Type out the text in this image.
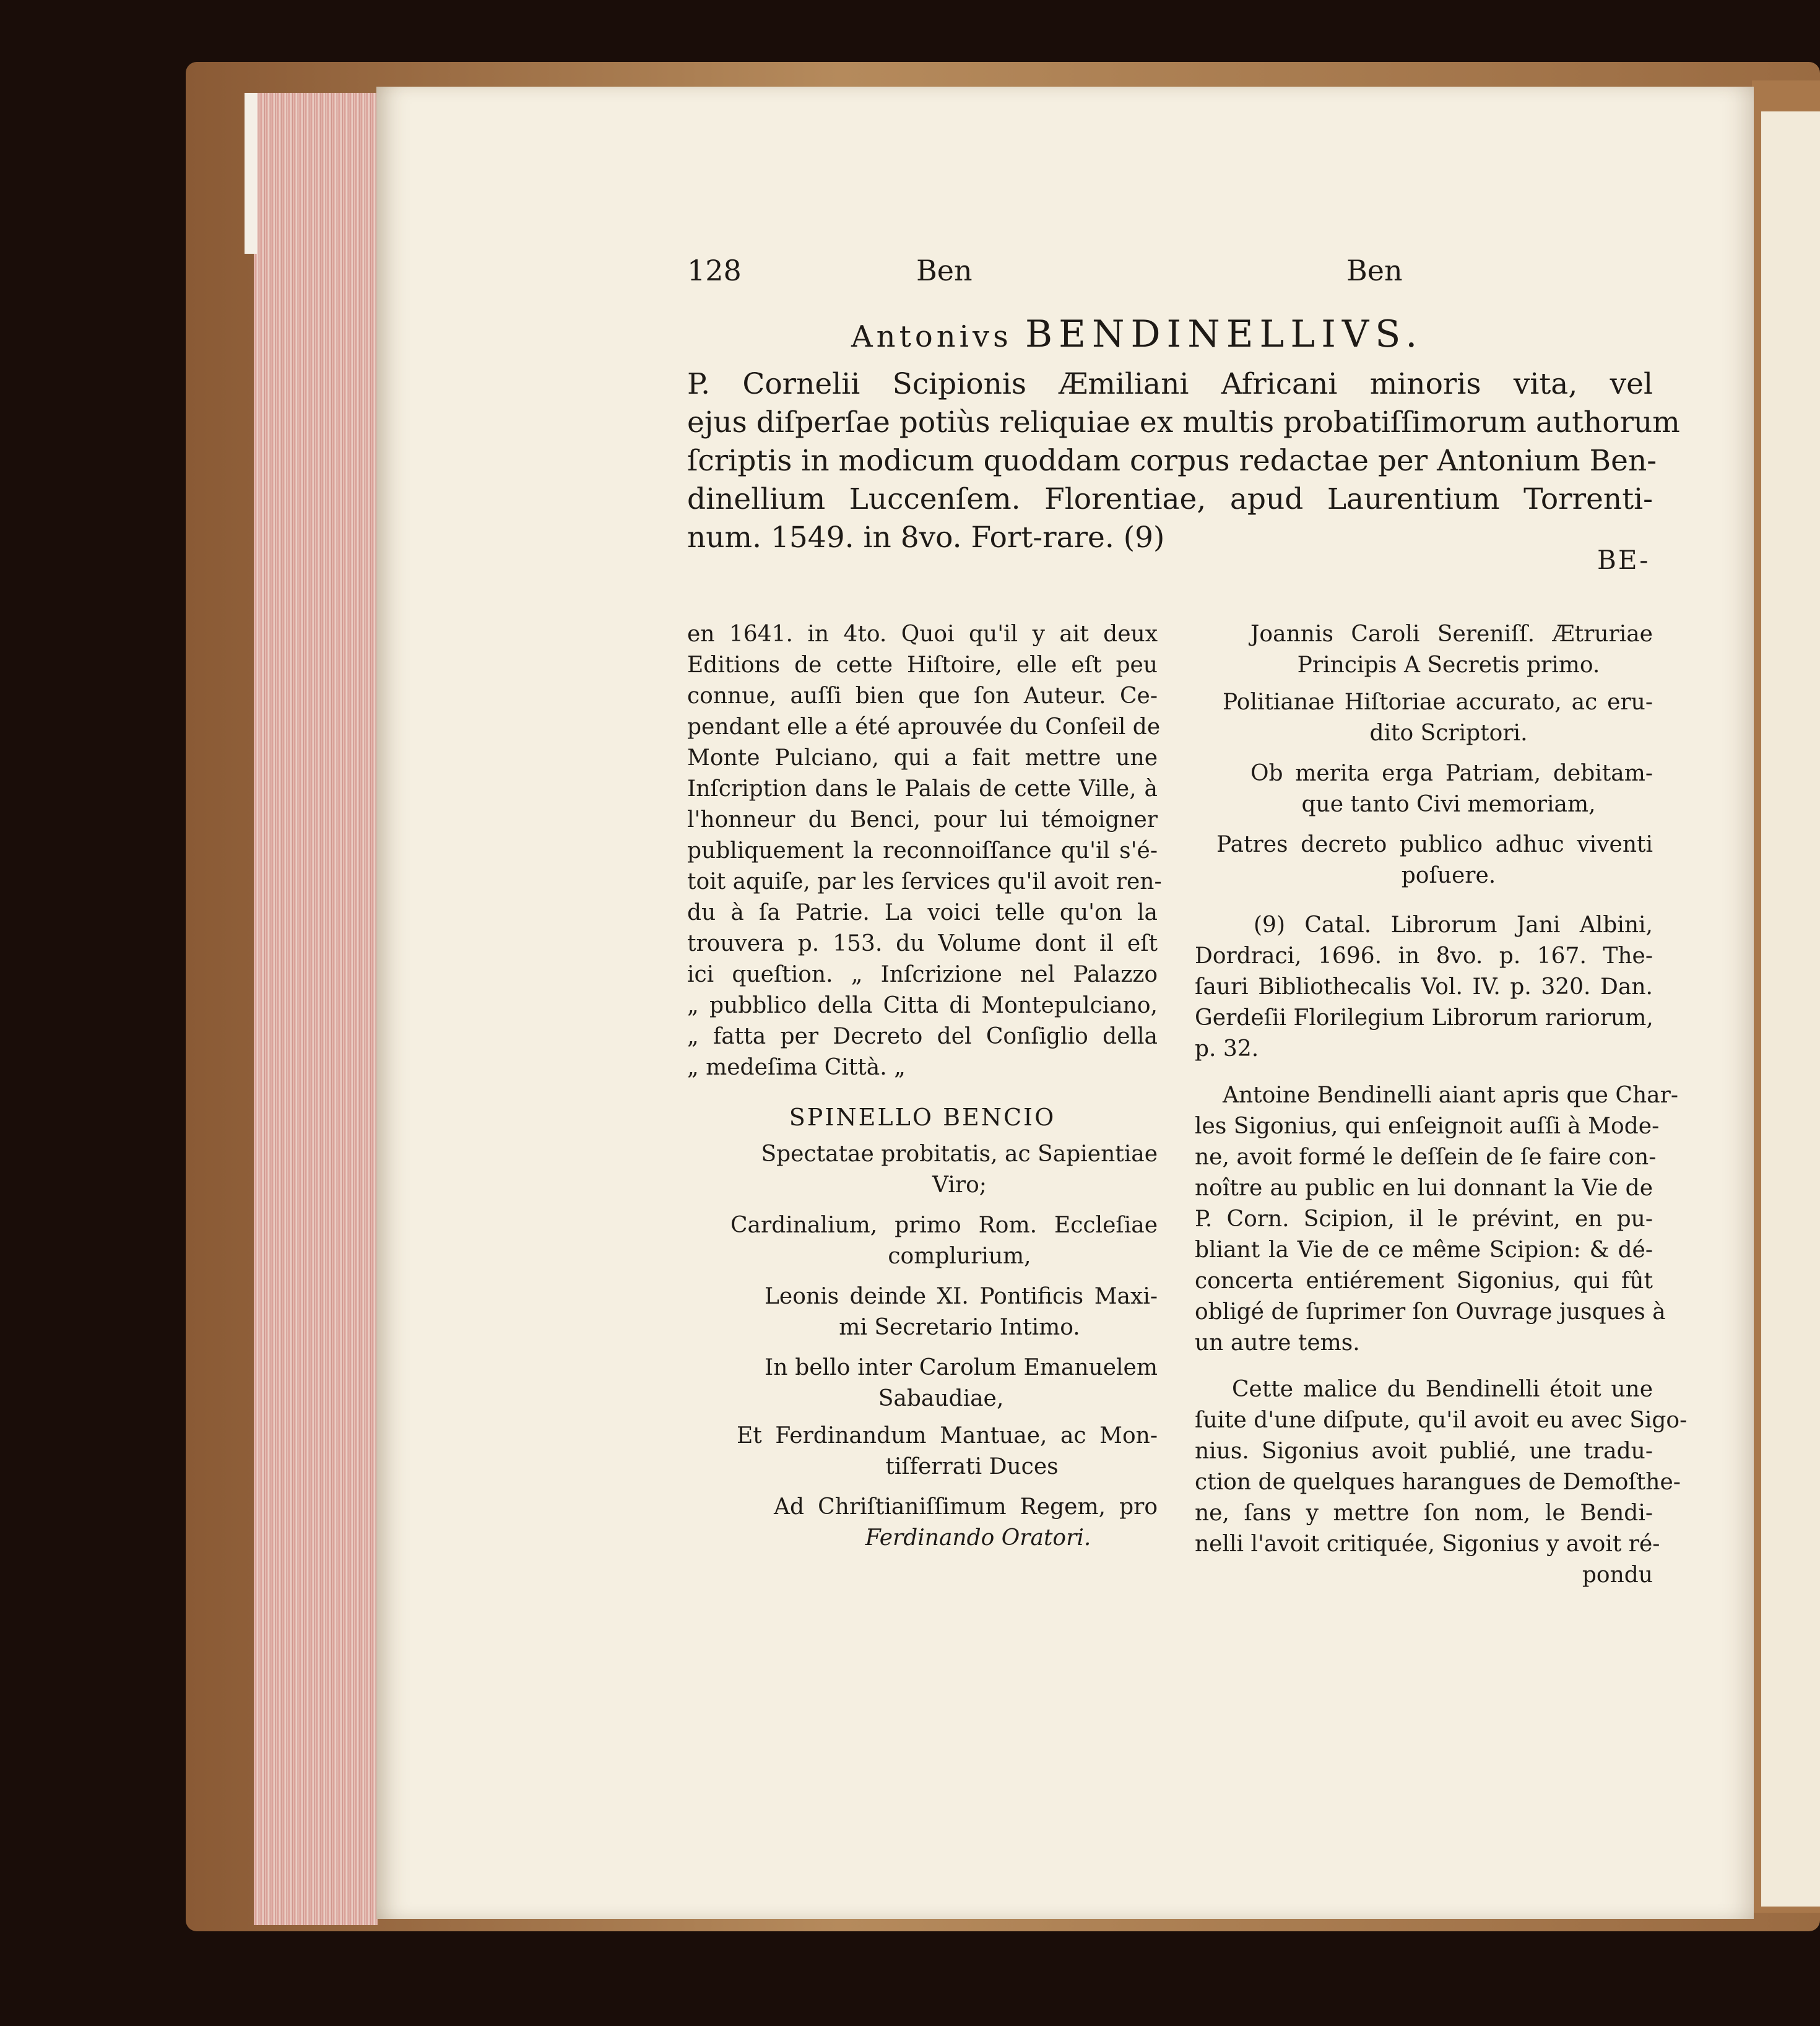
128	Ben	Ben
Antonivs BENDINELLIVS.
P. Cornelii Scipionis Æmiliani Africani minoris vita, vel
ejus diſperſae potiùs reliquiae ex multis probatiſſimorum authorum
ſcriptis in modicum quoddam corpus redactae per Antonium Ben-
dinellium Luccenſem. Florentiae, apud Laurentium Torrenti-
num. 1549. in 8vo. Fort-rare. (9)
BE-
en 1641. in 4to. Quoi qu'il y ait deux
Editions de cette Hiſtoire, elle eſt peu
connue, auſſi bien que ſon Auteur. Ce-
pendant elle a été aprouvée du Conſeil de
Monte Pulciano, qui a fait mettre une
Inſcription dans le Palais de cette Ville, à
l'honneur du Benci, pour lui témoigner
publiquement la reconnoiſſance qu'il s'é-
toit aquiſe, par les ſervices qu'il avoit ren-
du à ſa Patrie. La voici telle qu'on la
trouvera p. 153. du Volume dont il eſt
ici queſtion. „ Inſcrizione nel Palazzo
„ pubblico della Citta di Montepulciano,
„ fatta per Decreto del Conſiglio della
„ medeſima Città. „
SPINELLO BENCIO
Spectatae probitatis, ac Sapientiae
Viro;
Cardinalium, primo Rom. Eccleſiae
complurium,
Leonis deinde XI. Pontificis Maxi-
mi Secretario Intimo.
In bello inter Carolum Emanuelem
Sabaudiae,
Et Ferdinandum Mantuae, ac Mon-
tiſferrati Duces
Ad Chriſtianiſſimum Regem, pro
Ferdinando Oratori.
Joannis Caroli Sereniſſ. Ætruriae
Principis A Secretis primo.
Politianae Hiſtoriae accurato, ac eru-
dito Scriptori.
Ob merita erga Patriam, debitam-
que tanto Civi memoriam,
Patres decreto publico adhuc viventi
poſuere.
(9) Catal. Librorum Jani Albini,
Dordraci, 1696. in 8vo. p. 167. The-
ſauri Bibliothecalis Vol. IV. p. 320. Dan.
Gerdeſii Florilegium Librorum rariorum,
p. 32.
Antoine Bendinelli aiant apris que Char-
les Sigonius, qui enſeignoit auſſi à Mode-
ne, avoit formé le deſſein de ſe faire con-
noître au public en lui donnant la Vie de
P. Corn. Scipion, il le prévint, en pu-
bliant la Vie de ce même Scipion: & dé-
concerta entiérement Sigonius, qui fût
obligé de ſuprimer ſon Ouvrage jusques à
un autre tems.
Cette malice du Bendinelli étoit une
ſuite d'une diſpute, qu'il avoit eu avec Sigo-
nius. Sigonius avoit publié, une tradu-
ction de quelques harangues de Demoſthe-
ne, ſans y mettre ſon nom, le Bendi-
nelli l'avoit critiquée, Sigonius y avoit ré-
pondu
